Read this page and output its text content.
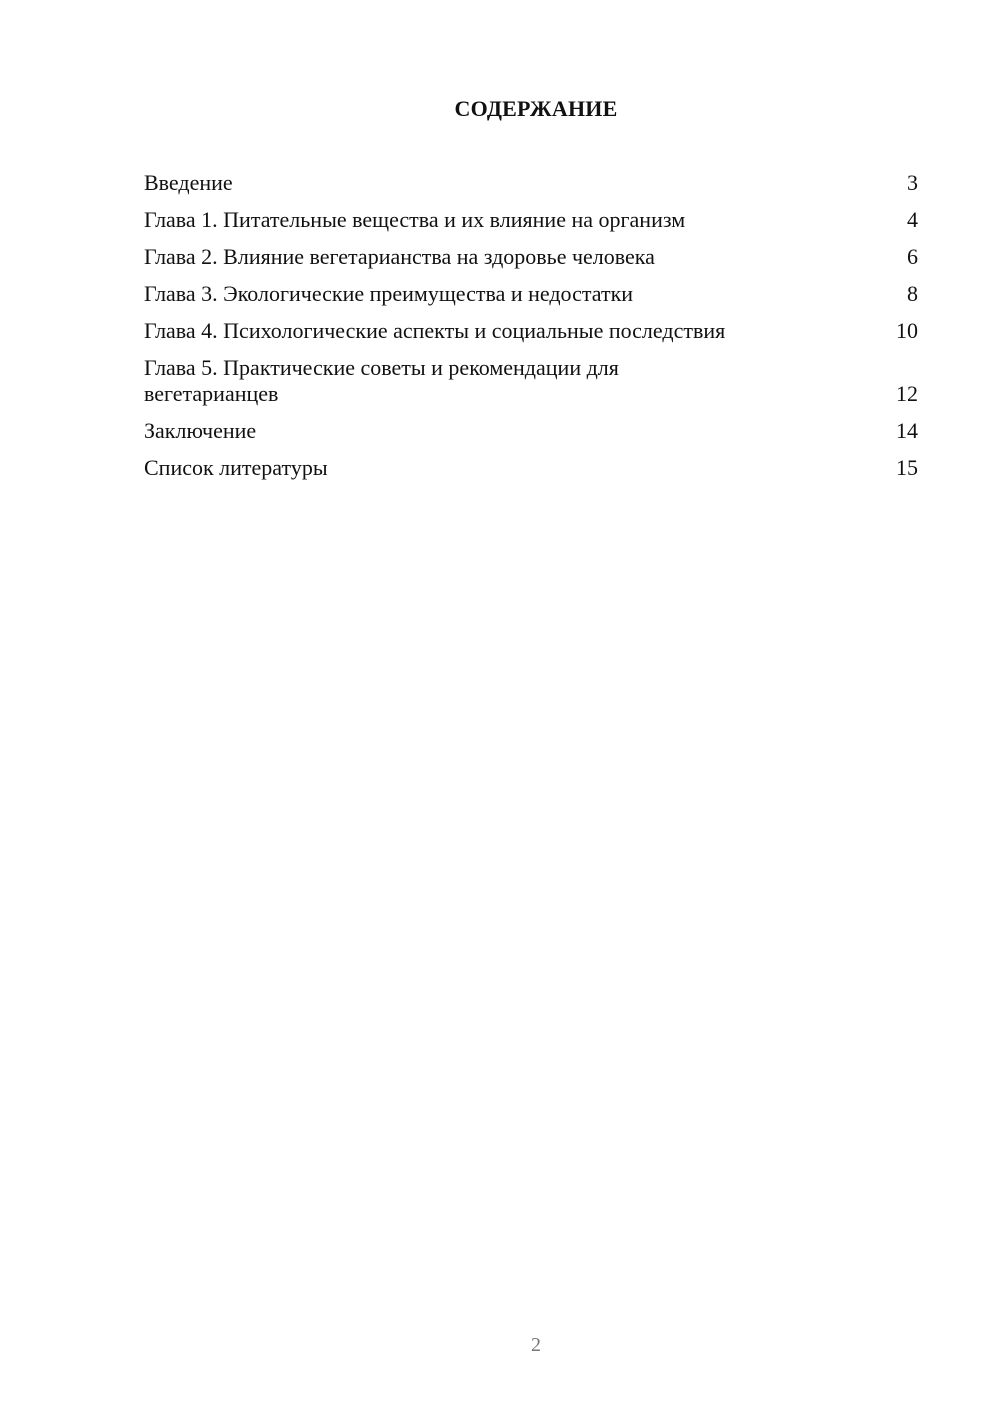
СОДЕРЖАНИЕ
Введение	3
Глава 1. Питательные вещества и их влияние на организм	4
Глава 2. Влияние вегетарианства на здоровье человека	6
Глава 3. Экологические преимущества и недостатки	8
Глава 4. Психологические аспекты и социальные последствия	10
Глава 5. Практические советы и рекомендации для вегетарианцев	12
Заключение	14
Список литературы	15
2
